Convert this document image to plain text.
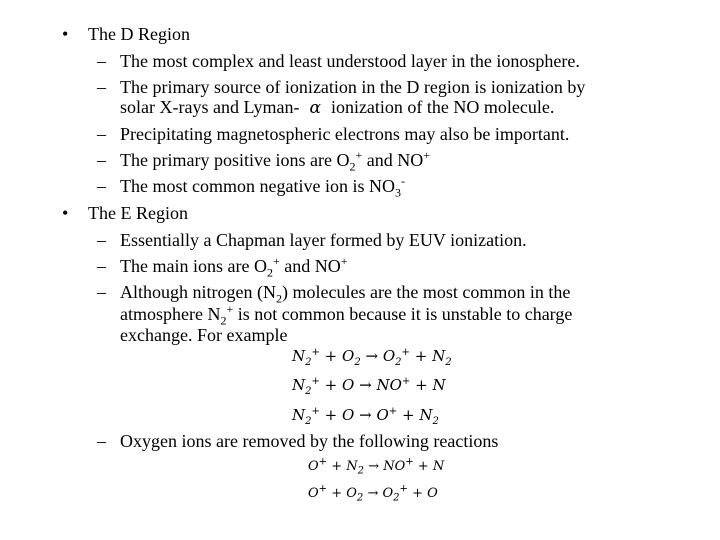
• The D Region
– The most complex and least understood layer in the ionosphere.
– The primary source of ionization in the D region is ionization by
solar X-rays and Lyman- α ionization of the NO molecule.
– Precipitating magnetospheric electrons may also be important.
– The primary positive ions are $O_2^+$ and NO+
– The most common negative ion is $NO_3^-$
• The E Region
– Essentially a Chapman layer formed by EUV ionization.
– The main ions are $O_2^+$ and NO+
– Although nitrogen $(N_2)$ molecules are the most common in the
atmosphere $N_2^+$ is not common because it is unstable to charge
exchange. For example
$N_2^+ + O_2 \to O_2^+ + N_2$
$N_2^+ + O \to NO^+ + N$
$N_2^+ + O \to O^+ + N_2$
– Oxygen ions are removed by the following reactions
$O^+ + N_2 \to NO^+ + N$
$O^+ + O_2 \to O_2^+ + O$
